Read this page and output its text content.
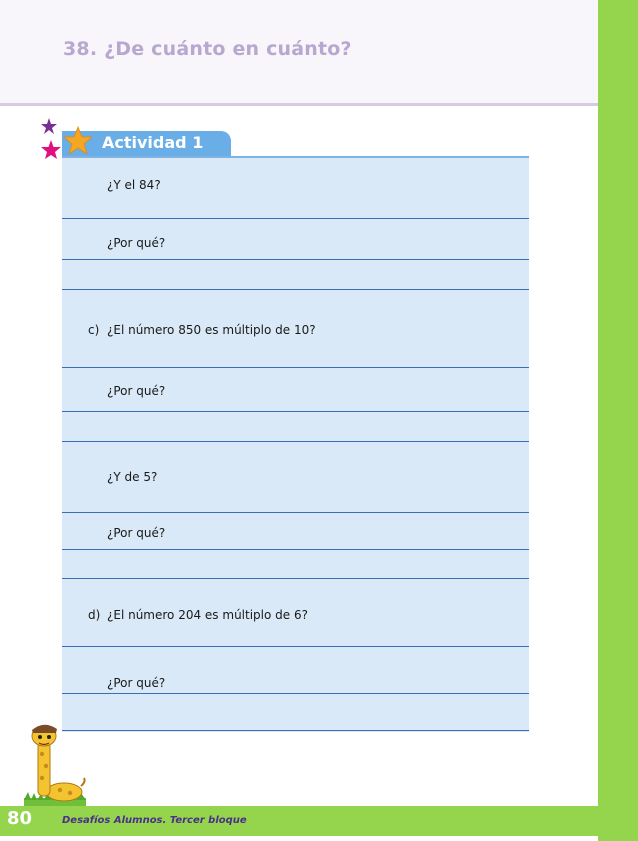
38. ¿De cuánto en cuánto?
Actividad 1
¿Y el 84?
¿Por qué?
c) ¿El número 850 es múltiplo de 10?
¿Por qué?
¿Y de 5?
¿Por qué?
d) ¿El número 204 es múltiplo de 6?
¿Por qué?
80	Desafíos Alumnos. Tercer bloque
